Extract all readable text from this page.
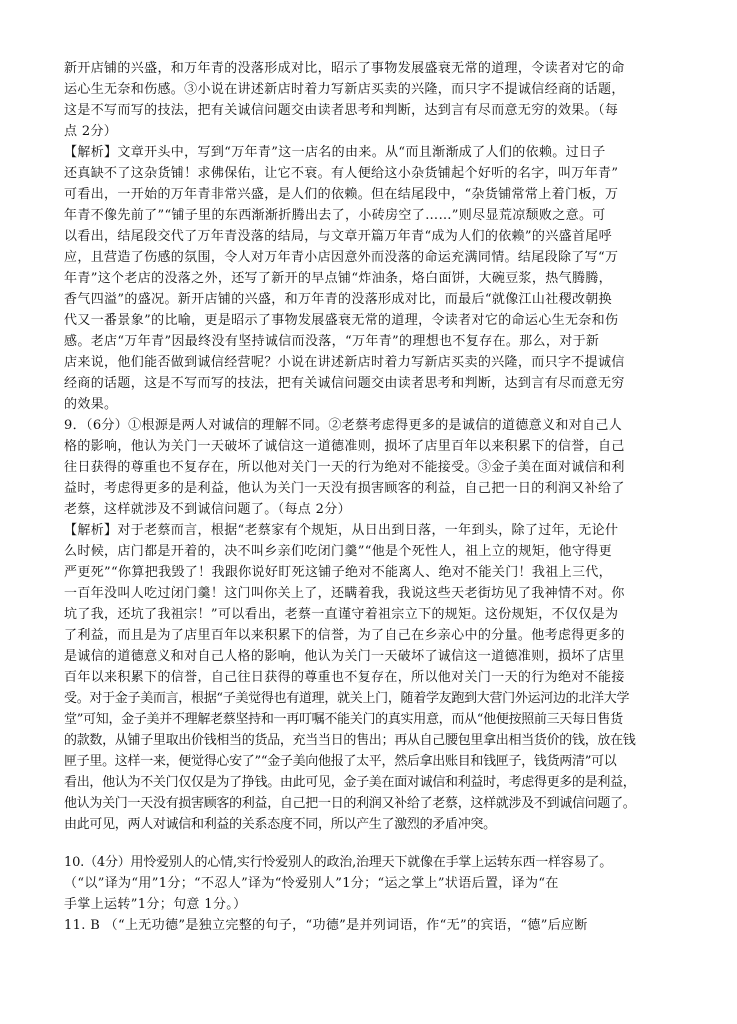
新开店铺的兴盛，和万年青的没落形成对比，昭示了事物发展盛衰无常的道理，令读者对它的命
运心生无奈和伤感。③小说在讲述新店时着力写新店买卖的兴隆，而只字不提诚信经商的话题，
这是不写而写的技法，把有关诚信问题交由读者思考和判断，达到言有尽而意无穷的效果。（每
点 2分）
【解析】文章开头中，写到“万年青”这一店名的由来。从“而且渐渐成了人们的依赖。过日子
还真缺不了这杂货铺！求佛保佑，让它不衰。有人便给这小杂货铺起个好听的名字，叫万年青”
可看出，一开始的万年青非常兴盛，是人们的依赖。但在结尾段中，“杂货铺常常上着门板，万
年青不像先前了”“铺子里的东西渐渐折腾出去了，小砖房空了……”则尽显荒凉颓败之意。可
以看出，结尾段交代了万年青没落的结局，与文章开篇万年青“成为人们的依赖”的兴盛首尾呼
应，且营造了伤感的氛围，令人对万年青小店因意外而没落的命运充满同情。结尾段除了写“万
年青”这个老店的没落之外，还写了新开的早点铺“炸油条，烙白面饼，大碗豆浆，热气腾腾，
香气四溢”的盛况。新开店铺的兴盛，和万年青的没落形成对比，而最后“就像江山社稷改朝换
代又一番景象”的比喻，更是昭示了事物发展盛衰无常的道理，令读者对它的命运心生无奈和伤
感。老店“万年青”因最终没有坚持诚信而没落，“万年青”的理想也不复存在。那么，对于新
店来说，他们能否做到诚信经营呢？小说在讲述新店时着力写新店买卖的兴隆，而只字不提诚信
经商的话题，这是不写而写的技法，把有关诚信问题交由读者思考和判断，达到言有尽而意无穷
的效果。
9．（6分）①根源是两人对诚信的理解不同。②老蔡考虑得更多的是诚信的道德意义和对自己人
格的影响，他认为关门一天破坏了诚信这一道德准则，损坏了店里百年以来积累下的信誉，自己
往日获得的尊重也不复存在，所以他对关门一天的行为绝对不能接受。③金子美在面对诚信和利
益时，考虑得更多的是利益，他认为关门一天没有损害顾客的利益，自己把一日的利润又补给了
老蔡，这样就涉及不到诚信问题了。（每点 2分）
【解析】对于老蔡而言，根据“老蔡家有个规矩，从日出到日落，一年到头，除了过年，无论什
么时候，店门都是开着的，决不叫乡亲们吃闭门羹”“他是个死性人，祖上立的规矩，他守得更
严更死”“你算把我毁了！我跟你说好盯死这铺子绝对不能离人、绝对不能关门！我祖上三代，
一百年没叫人吃过闭门羹！这门叫你关上了，还瞒着我，我说这些天老街坊见了我神情不对。你
坑了我，还坑了我祖宗！”可以看出，老蔡一直谨守着祖宗立下的规矩。这份规矩，不仅仅是为
了利益，而且是为了店里百年以来积累下的信誉，为了自己在乡亲心中的分量。他考虑得更多的
是诚信的道德意义和对自己人格的影响，他认为关门一天破坏了诚信这一道德准则，损坏了店里
百年以来积累下的信誉，自己往日获得的尊重也不复存在，所以他对关门一天的行为绝对不能接
受。对于金子美而言，根据“子美觉得也有道理，就关上门，随着学友跑到大营门外运河边的北洋大学
堂”可知，金子美并不理解老蔡坚持和一再叮嘱不能关门的真实用意，而从“他便按照前三天每日售货
的款数，从铺子里取出价钱相当的货品，充当当日的售出；再从自己腰包里拿出相当货价的钱，放在钱
匣子里。这样一来，便觉得心安了”“金子美向他报了太平，然后拿出账目和钱匣子，钱货两清”可以
看出，他认为不关门仅仅是为了挣钱。由此可见，金子美在面对诚信和利益时，考虑得更多的是利益，
他认为关门一天没有损害顾客的利益，自己把一日的利润又补给了老蔡，这样就涉及不到诚信问题了。
由此可见，两人对诚信和利益的关系态度不同，所以产生了激烈的矛盾冲突。
10.（4分）用怜爱别人的心情,实行怜爱别人的政治,治理天下就像在手掌上运转东西一样容易了。
（“以”译为“用”1分；“不忍人”译为“怜爱别人”1分；“运之掌上”状语后置，译为“在
手掌上运转”1分；句意 1分。）
11. B （“上无功德”是独立完整的句子，“功德”是并列词语，作“无”的宾语，“德”后应断
